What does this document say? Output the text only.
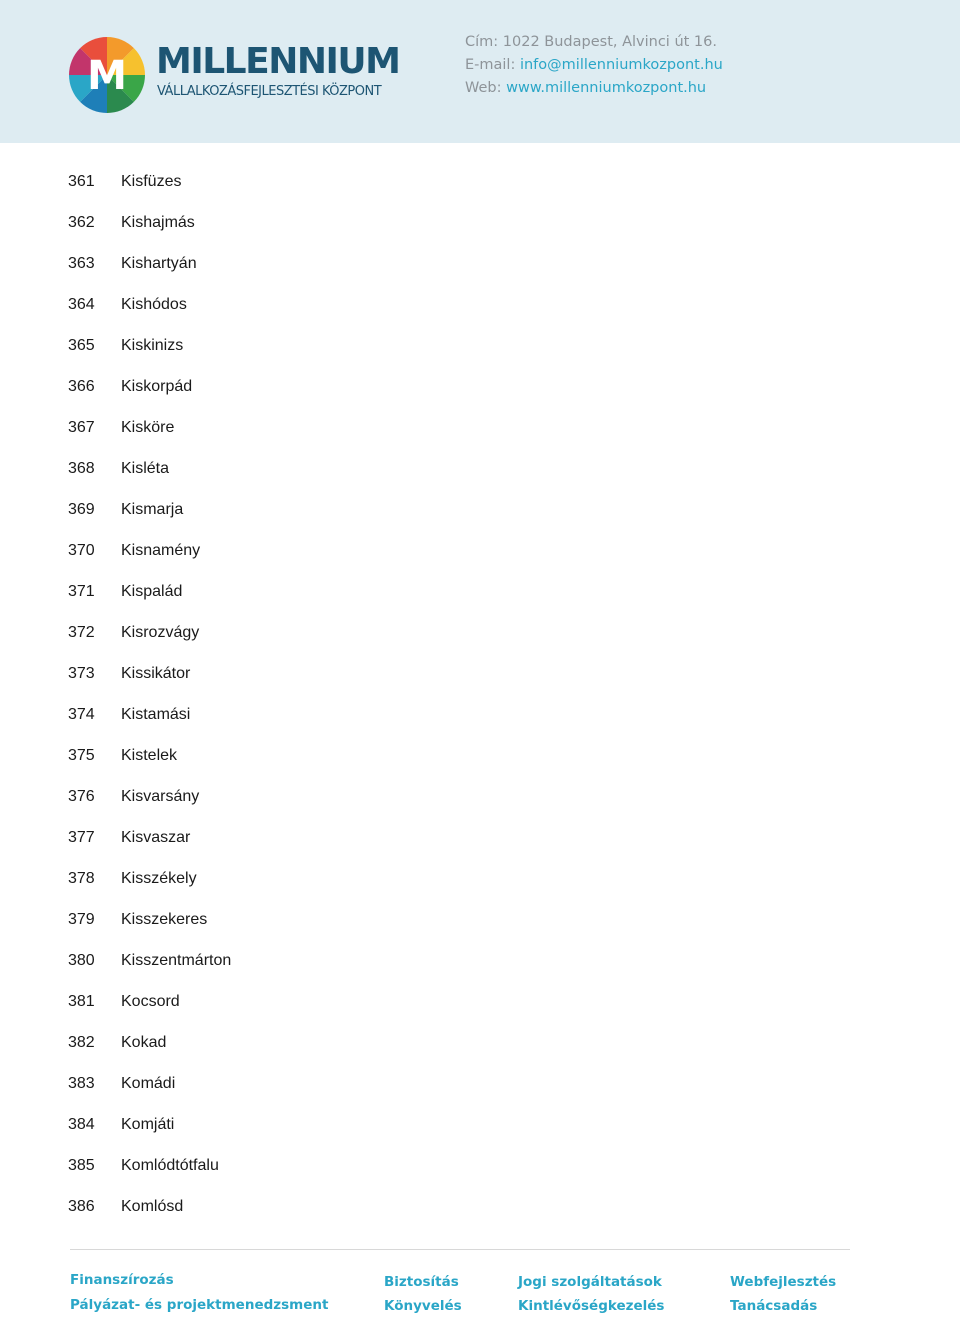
M MILLENNIUM
VÁLLALKOZÁSFEJLESZTÉSI KÖZPONT
Cím: 1022 Budapest, Alvinci út 16.
E-mail: info@millenniumkozpont.hu
Web: www.millenniumkozpont.hu
361	Kisfüzes
362	Kishajmás
363	Kishartyán
364	Kishódos
365	Kiskinizs
366	Kiskorpád
367	Kisköre
368	Kisléta
369	Kismarja
370	Kisnamény
371	Kispalád
372	Kisrozvágy
373	Kissikátor
374	Kistamási
375	Kistelek
376	Kisvarsány
377	Kisvaszar
378	Kisszékely
379	Kisszekeres
380	Kisszentmárton
381	Kocsord
382	Kokad
383	Komádi
384	Komjáti
385	Komlódtótfalu
386	Komlósd
Finanszírozás
Pályázat- és projektmenedzsment
Biztosítás
Könyvelés
Jogi szolgáltatások
Kintlévőségkezelés
Webfejlesztés
Tanácsadás
